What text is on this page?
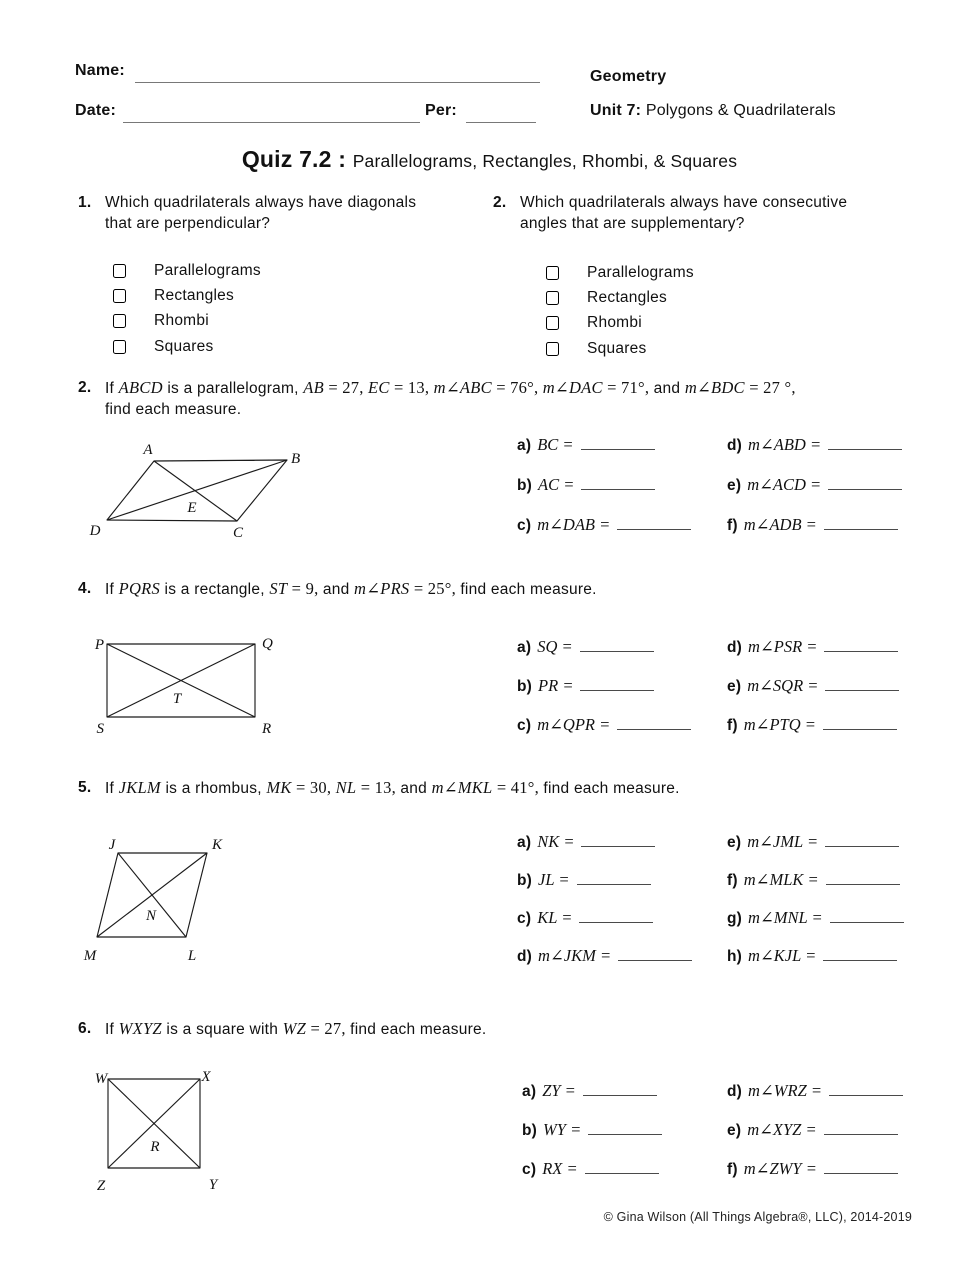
Name:	Geometry
Date:	Per:	Unit 7: Polygons & Quadrilaterals
Quiz 7.2 : Parallelograms, Rectangles, Rhombi, & Squares
1. Which quadrilaterals always have diagonals
that are perpendicular?
Parallelograms
Rectangles
Rhombi
Squares
2. Which quadrilaterals always have consecutive
angles that are supplementary?
Parallelograms
Rectangles
Rhombi
Squares
2. If ABCD is a parallelogram, AB = 27, EC = 13, m∠ABC = 76°, m∠DAC = 71°, and m∠BDC = 27 °,
find each measure.
A
B
C
D
E
a) BC =
b) AC =
c) m∠DAB =
d) m∠ABD =
e) m∠ACD =
f) m∠ADB =
4. If PQRS is a rectangle, ST = 9, and m∠PRS = 25°, find each measure.
P	Q
R
S
T
a) SQ =
b) PR =
c) m∠QPR =
d) m∠PSR =
e) m∠SQR =
f) m∠PTQ =
5. If JKLM is a rhombus, MK = 30, NL = 13, and m∠MKL = 41°, find each measure.
J	K
L
M
N
a) NK =
b) JL =
c) KL =
d) m∠JKM =
e) m∠JML =
f) m∠MLK =
g) m∠MNL =
h) m∠KJL =
6. If WXYZ is a square with WZ = 27, find each measure.
W	X
Y
Z
R
a) ZY =
b) WY =
c) RX =
d) m∠WRZ =
e) m∠XYZ =
f) m∠ZWY =
© Gina Wilson (All Things Algebra®, LLC), 2014-2019
